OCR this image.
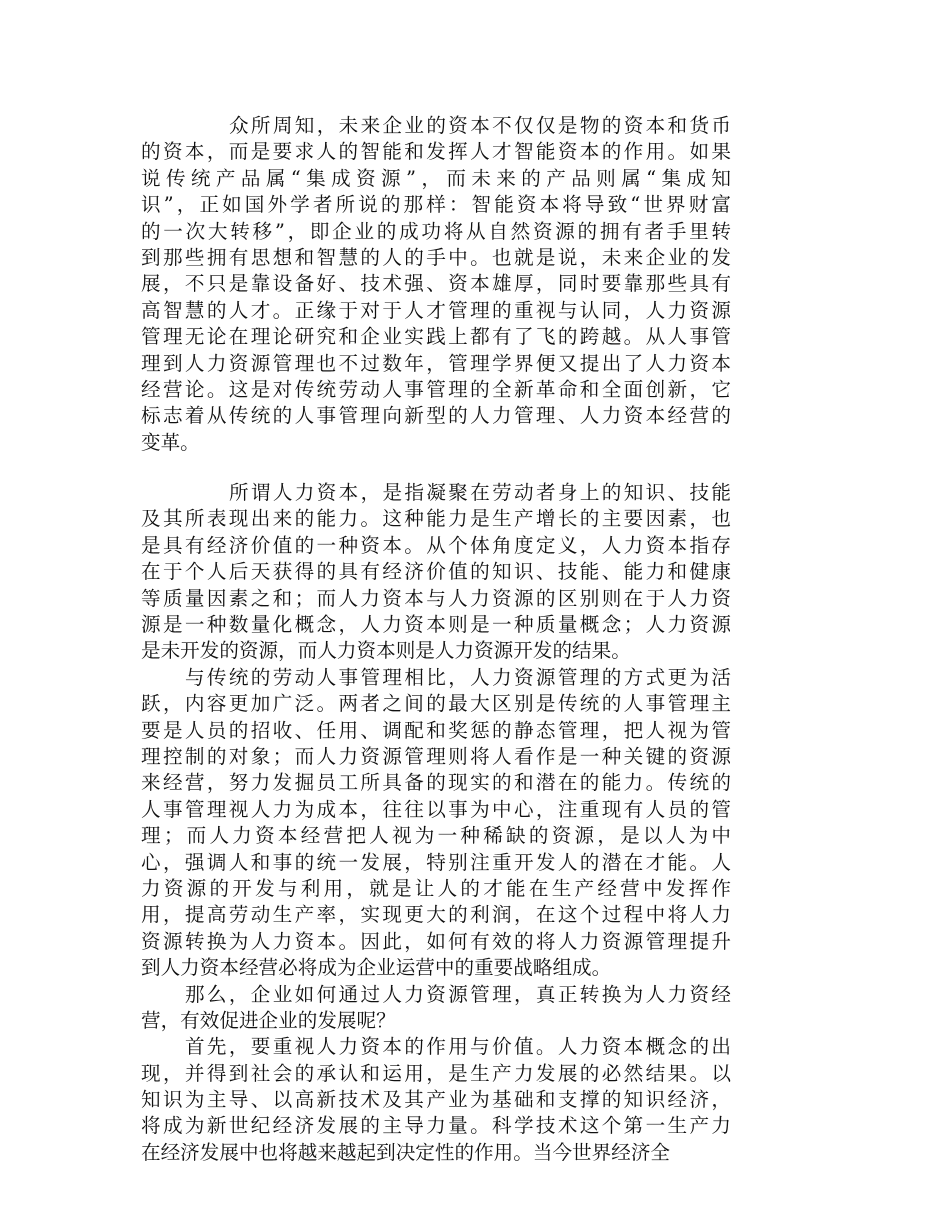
众所周知，未来企业的资本不仅仅是物的资本和货币
的资本，而是要求人的智能和发挥人才智能资本的作用。如果
说传统产品属“集成资源”，而未来的产品则属“集成知
识”，正如国外学者所说的那样：智能资本将导致“世界财富
的一次大转移”，即企业的成功将从自然资源的拥有者手里转
到那些拥有思想和智慧的人的手中。也就是说，未来企业的发
展，不只是靠设备好、技术强、资本雄厚，同时要靠那些具有
高智慧的人才。正缘于对于人才管理的重视与认同，人力资源
管理无论在理论研究和企业实践上都有了飞的跨越。从人事管
理到人力资源管理也不过数年，管理学界便又提出了人力资本
经营论。这是对传统劳动人事管理的全新革命和全面创新，它
标志着从传统的人事管理向新型的人力管理、人力资本经营的
变革。
所谓人力资本，是指凝聚在劳动者身上的知识、技能
及其所表现出来的能力。这种能力是生产增长的主要因素，也
是具有经济价值的一种资本。从个体角度定义，人力资本指存
在于个人后天获得的具有经济价值的知识、技能、能力和健康
等质量因素之和；而人力资本与人力资源的区别则在于人力资
源是一种数量化概念，人力资本则是一种质量概念；人力资源
是未开发的资源，而人力资本则是人力资源开发的结果。
与传统的劳动人事管理相比，人力资源管理的方式更为活
跃，内容更加广泛。两者之间的最大区别是传统的人事管理主
要是人员的招收、任用、调配和奖惩的静态管理，把人视为管
理控制的对象；而人力资源管理则将人看作是一种关键的资源
来经营，努力发掘员工所具备的现实的和潜在的能力。传统的
人事管理视人力为成本，往往以事为中心，注重现有人员的管
理；而人力资本经营把人视为一种稀缺的资源，是以人为中
心，强调人和事的统一发展，特别注重开发人的潜在才能。人
力资源的开发与利用，就是让人的才能在生产经营中发挥作
用，提高劳动生产率，实现更大的利润，在这个过程中将人力
资源转换为人力资本。因此，如何有效的将人力资源管理提升
到人力资本经营必将成为企业运营中的重要战略组成。
那么，企业如何通过人力资源管理，真正转换为人力资经
营，有效促进企业的发展呢？
首先，要重视人力资本的作用与价值。人力资本概念的出
现，并得到社会的承认和运用，是生产力发展的必然结果。以
知识为主导、以高新技术及其产业为基础和支撑的知识经济，
将成为新世纪经济发展的主导力量。科学技术这个第一生产力
在经济发展中也将越来越起到决定性的作用。当今世界经济全
